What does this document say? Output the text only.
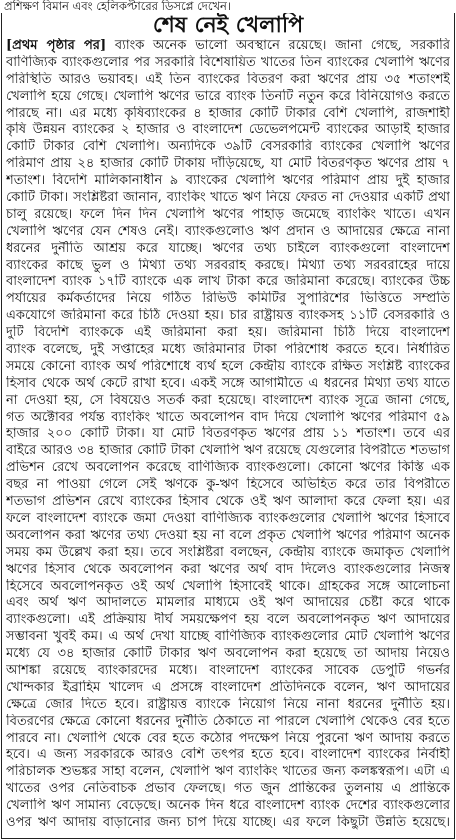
প্রশিক্ষণ বিমান এবং হেলিকপ্টারের ডিসপ্লে দেখেন।
শেষ নেই খেলাপি
[প্রথম পৃষ্ঠার পর] ব্যাংক অনেক ভালো অবস্থানে রয়েছে। জানা গেছে, সরকারি
বাণিজ্যিক ব্যাংকগুলোর পর সরকারি বিশেষায়িত খাতের তিন ব্যাংকের খেলাপি ঋণের
পরিস্থিতি আরও ভয়াবহ। এই তিন ব্যাংকের বিতরণ করা ঋণের প্রায় ৩৫ শতাংশই
খেলাপি হয়ে গেছে। খেলাপি ঋণের ভারে ব্যাংক তিনটি নতুন করে বিনিয়োগও করতে
পারছে না। এর মধ্যে কৃষিব্যাংকের ৪ হাজার কোটি টাকার বেশি খেলাপি, রাজশাহী
কৃষি উন্নয়ন ব্যাংকের ২ হাজার ও বাংলাদেশ ডেভেলপমেন্ট ব্যাংকের আড়াই হাজার
কোটি টাকার বেশি খেলাপি। অন্যদিকে ৩৯টি বেসরকারি ব্যাংকের খেলাপি ঋণের
পরিমাণ প্রায় ২৪ হাজার কোটি টাকায় দাঁড়িয়েছে, যা মোট বিতরণকৃত ঋণের প্রায় ৭
শতাংশ। বিদেশি মালিকানাধীন ৯ ব্যাংকের খেলাপি ঋণের পরিমাণ প্রায় দুই হাজার
কোটি টাকা। সংশ্লিষ্টরা জানান, ব্যাংকিং খাতে ঋণ নিয়ে ফেরত না দেওয়ার একটি প্রথা
চালু রয়েছে। ফলে দিন দিন খেলাপি ঋণের পাহাড় জমেছে ব্যাংকিং খাতে। এখন
খেলাপি ঋণের যেন শেষও নেই। ব্যাংকগুলোও ঋণ প্রদান ও আদায়ের ক্ষেত্রে নানা
ধরনের দুর্নীতি আশ্রয় করে যাচ্ছে। ঋণের তথ্য চাইলে ব্যাংকগুলো বাংলাদেশ
ব্যাংকের কাছে ভুল ও মিথ্যা তথ্য সরবরাহ করছে। মিথ্যা তথ্য সরবরাহের দায়ে
বাংলাদেশ ব্যাংক ১৭টি ব্যাংকে এক লাখ টাকা করে জরিমানা করেছে। ব্যাংকের উচ্চ
পর্যায়ের কর্মকর্তাদের নিয়ে গঠিত রিভিউ কমিটির সুপারিশের ভিত্তিতে সম্প্রতি
একযোগে জরিমানা করে চিঠি দেওয়া হয়। চার রাষ্ট্রায়ত্ত ব্যাংকসহ ১১টি বেসরকারি ও
দুটি বিদেশি ব্যাংককে এই জরিমানা করা হয়। জরিমানা চিঠি দিয়ে বাংলাদেশ
ব্যাংক বলেছে, দুই সপ্তাহের মধ্যে জরিমানার টাকা পরিশোধ করতে হবে। নির্ধারিত
সময়ে কোনো ব্যাংক অর্থ পরিশোধে ব্যর্থ হলে কেন্দ্রীয় ব্যাংকে রক্ষিত সংশ্লিষ্ট ব্যাংকের
হিসাব থেকে অর্থ কেটে রাখা হবে। একই সঙ্গে আগামীতে এ ধরনের মিথ্যা তথ্য যাতে
না দেওয়া হয়, সে বিষয়েও সতর্ক করা হয়েছে। বাংলাদেশ ব্যাংক সূত্রে জানা গেছে,
গত অক্টোবর পর্যন্ত ব্যাংকিং খাতে অবলোপন বাদ দিয়ে খেলাপি ঋণের পরিমাণ ৫৯
হাজার ২০০ কোটি টাকা। যা মোট বিতরণকৃত ঋণের প্রায় ১১ শতাংশ। তবে এর
বাইরে আরও ৩৪ হাজার কোটি টাকা খেলাপি ঋণ রয়েছে যেগুলোর বিপরীতে শতভাগ
প্রভিশন রেখে অবলোপন করেছে বাণিজ্যিক ব্যাংকগুলো। কোনো ঋণের কিস্তি এক
বছর না পাওয়া গেলে সেই ঋণকে কু-ঋণ হিসেবে অভিহিত করে তার বিপরীতে
শতভাগ প্রভিশন রেখে ব্যাংকের হিসাব থেকে ওই ঋণ আলাদা করে ফেলা হয়। এর
ফলে বাংলাদেশ ব্যাংকে জমা দেওয়া বাণিজ্যিক ব্যাংকগুলোর খেলাপি ঋণের হিসাবে
অবলোপন করা ঋণের তথ্য দেওয়া হয় না বলে প্রকৃত খেলাপি ঋণের পরিমাণ অনেক
সময় কম উল্লেখ করা হয়। তবে সংশ্লিষ্টরা বলছেন, কেন্দ্রীয় ব্যাংকে জমাকৃত খেলাপি
ঋণের হিসাব থেকে অবলোপন করা ঋণের অর্থ বাদ দিলেও ব্যাংকগুলোর নিজস্ব
হিসেবে অবলোপনকৃত ওই অর্থ খেলাপি হিসাবেই থাকে। গ্রাহকের সঙ্গে আলোচনা
এবং অর্থ ঋণ আদালতে মামলার মাধ্যমে ওই ঋণ আদায়ের চেষ্টা করে থাকে
ব্যাংকগুলো। এই প্রক্রিয়ায় দীর্ঘ সময়ক্ষেপণ হয় বলে অবলোপনকৃত ঋণ আদায়ের
সম্ভাবনা খুবই কম। এ অর্থ দেখা যাচ্ছে বাণিজ্যিক ব্যাংকগুলোর মোট খেলাপি ঋণের
মধ্যে যে ৩৪ হাজার কোটি টাকার ঋণ অবলোপন করা হয়েছে তা আদায় নিয়েও
আশঙ্কা রয়েছে ব্যাংকারদের মধ্যে। বাংলাদেশ ব্যাংকের সাবেক ডেপুটি গভর্নর
খোন্দকার ইব্রাহিম খালেদ এ প্রসঙ্গে বাংলাদেশ প্রতিদিনকে বলেন, ঋণ আদায়ের
ক্ষেত্রে জোর দিতে হবে। রাষ্ট্রায়ত্ত ব্যাংকে নিয়োগ নিয়ে নানা ধরনের দুর্নীতি হয়।
বিতরণের ক্ষেত্রে কোনো ধরনের দুর্নীতি ঠেকাতে না পারলে খেলাপি থেকেও বের হতে
পারবে না। খেলাপি থেকে বের হতে কঠোর পদক্ষেপ নিয়ে পুরনো ঋণ আদায় করতে
হবে। এ জন্য সরকারকে আরও বেশি তৎপর হতে হবে। বাংলাদেশ ব্যাংকের নির্বাহী
পরিচালক শুভঙ্কর সাহা বলেন, খেলাপি ঋণ ব্যাংকিং খাতের জন্য কলঙ্কস্বরূপ। এটা এ
খাতের ওপর নেতিবাচক প্রভাব ফেলছে। গত জুন প্রান্তিকের তুলনায় এ প্রান্তিকে
খেলাপি ঋণ সামান্য বেড়েছে। অনেক দিন ধরে বাংলাদেশ ব্যাংক দেশের ব্যাংকগুলোর
ওপর ঋণ আদায় বাড়ানোর জন্য চাপ দিয়ে যাচ্ছে। এর ফলে কিছুটা উন্নতি হয়েছে।
